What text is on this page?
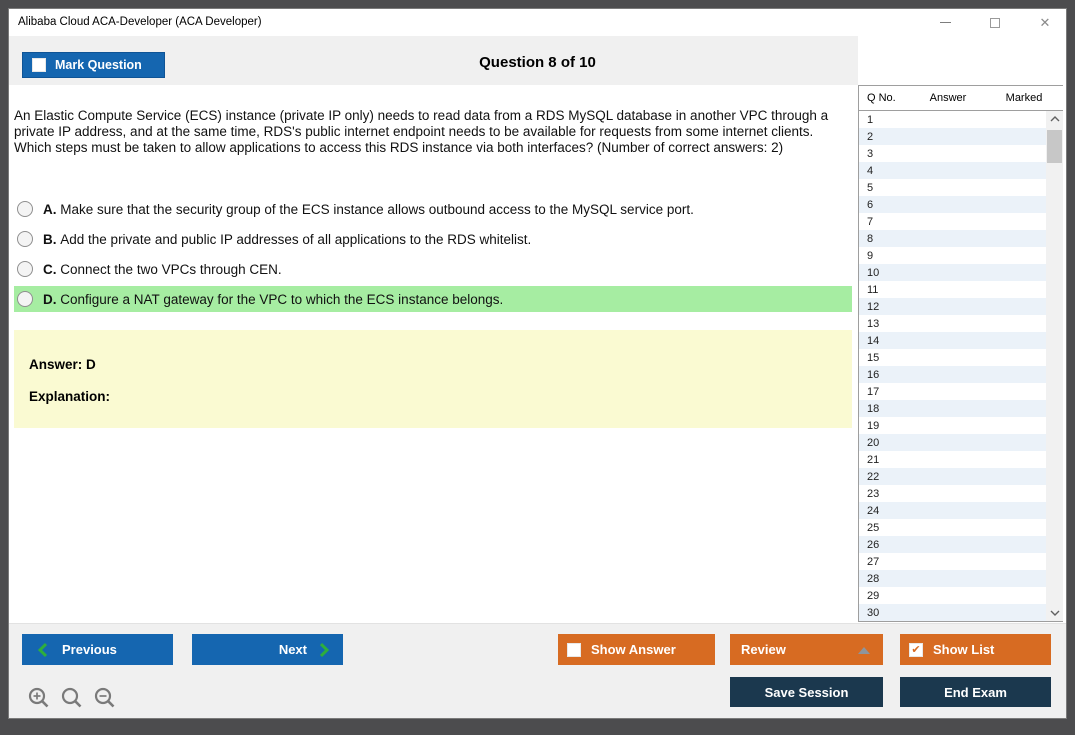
Alibaba Cloud ACA-Developer (ACA Developer)	✕
Question 8 of 10
Mark Question
An Elastic Compute Service (ECS) instance (private IP only) needs to read data from a RDS MySQL database in another VPC through a private IP address, and at the same time, RDS's public internet endpoint needs to be available for requests from some internet clients. Which steps must be taken to allow applications to access this RDS instance via both interfaces? (Number of correct answers: 2)
A. Make sure that the security group of the ECS instance allows outbound access to the MySQL service port.
B. Add the private and public IP addresses of all applications to the RDS whitelist.
C. Connect the two VPCs through CEN.
D. Configure a NAT gateway for the VPC to which the ECS instance belongs.
Answer: D
Explanation:
Q No.	Answer	Marked
1
2
3
4
5
6
7
8
9
10
11
12
13
14
15
16
17
18
19
20
21
22
23
24
25
26
27
28
29
30
Previous	Next	Show Answer	Review ✔	Show List
Save Session	End Exam
